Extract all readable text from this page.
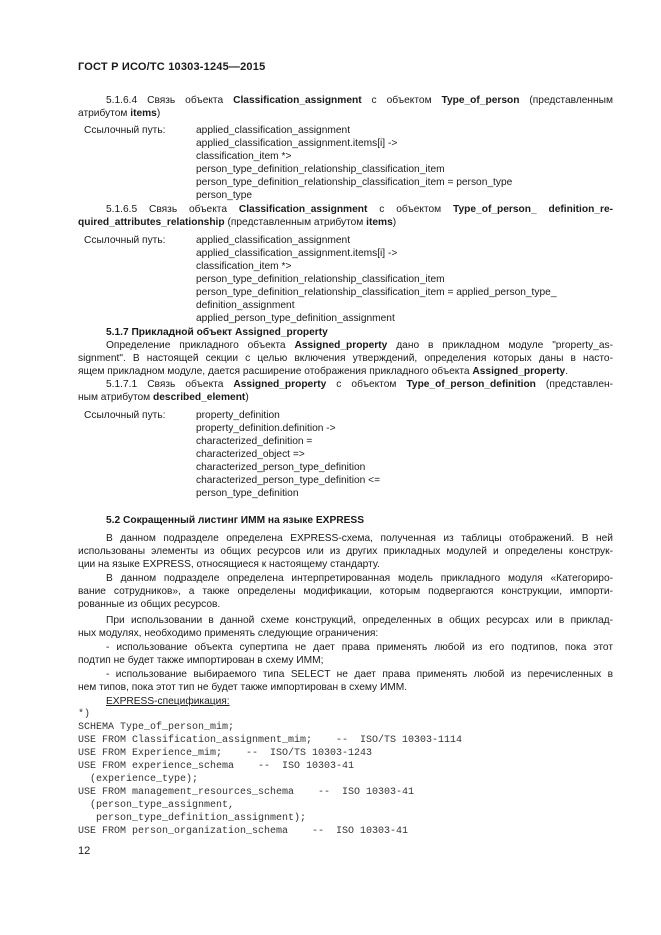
ГОСТ Р ИСО/ТС 10303-1245—2015
5.1.6.4 Связь объекта Classification_assignment с объектом Type_of_person (представленным
атрибутом items)
Ссылочный путь:	applied_classification_assignment
applied_classification_assignment.items[i] ->
classification_item *>
person_type_definition_relationship_classification_item
person_type_definition_relationship_classification_item = person_type
person_type
5.1.6.5 Связь объекта Classification_assignment с объектом Type_of_person_ definition_re-
quired_attributes_relationship (представленным атрибутом items)
Ссылочный путь:	applied_classification_assignment
applied_classification_assignment.items[i] ->
classification_item *>
person_type_definition_relationship_classification_item
person_type_definition_relationship_classification_item = applied_person_type_
definition_assignment
applied_person_type_definition_assignment
5.1.7 Прикладной объект Assigned_property
Определение прикладного объекта Assigned_property дано в прикладном модуле "property_as-
signment". В настоящей секции с целью включения утверждений, определения которых даны в насто-
ящем прикладном модуле, дается расширение отображения прикладного объекта Assigned_property.
5.1.7.1 Связь объекта Assigned_property с объектом Type_of_person_definition (представлен-
ным атрибутом described_element)
Ссылочный путь:	property_definition
property_definition.definition ->
characterized_definition =
characterized_object =>
characterized_person_type_definition
characterized_person_type_definition <=
person_type_definition
5.2 Сокращенный листинг ИММ на языке EXPRESS
В данном подразделе определена EXPRESS-схема, полученная из таблицы отображений. В ней
использованы элементы из общих ресурсов или из других прикладных модулей и определены конструк-
ции на языке EXPRESS, относящиеся к настоящему стандарту.
В данном подразделе определена интерпретированная модель прикладного модуля «Категориро-
вание сотрудников», а также определены модификации, которым подвергаются конструкции, импорти-
рованные из общих ресурсов.
При использовании в данной схеме конструкций, определенных в общих ресурсах или в приклад-
ных модулях, необходимо применять следующие ограничения:
- использование объекта супертипа не дает права применять любой из его подтипов, пока этот
подтип не будет также импортирован в схему ИММ;
- использование выбираемого типа SELECT не дает права применять любой из перечисленных в
нем типов, пока этот тип не будет также импортирован в схему ИММ.
EXPRESS-спецификация:
*)
SCHEMA Type_of_person_mim;
USE FROM Classification_assignment_mim;    --  ISO/TS 10303-1114
USE FROM Experience_mim;    --  ISO/TS 10303-1243
USE FROM experience_schema    --  ISO 10303-41
(experience_type);
USE FROM management_resources_schema    --  ISO 10303-41
(person_type_assignment,
person_type_definition_assignment);
USE FROM person_organization_schema    --  ISO 10303-41
12
